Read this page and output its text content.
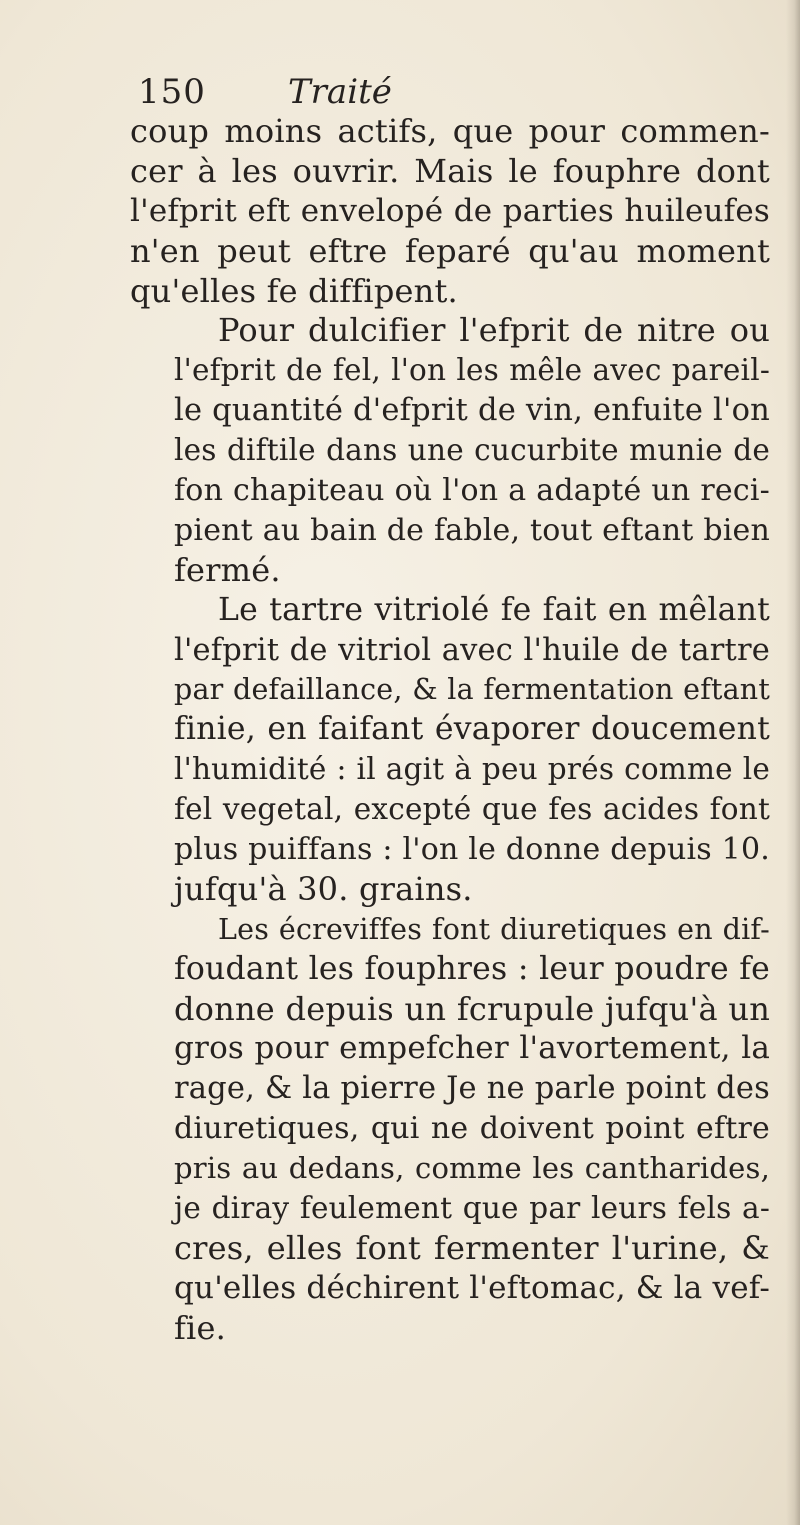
150 Traité

coup moins actifs, que pour commen-
cer à les ouvrir. Mais le fouphre dont
l'efprit eft envelopé de parties huileufes
n'en peut eftre feparé qu'au moment
qu'elles fe diffipent.

Pour dulcifier l'efprit de nitre ou
l'efprit de fel, l'on les mêle avec pareil-
le quantité d'efprit de vin, enfuite l'on
les diftile dans une cucurbite munie de
fon chapiteau où l'on a adapté un reci-
pient au bain de fable, tout eftant bien
fermé.

Le tartre vitriolé fe fait en mêlant
l'efprit de vitriol avec l'huile de tartre
par defaillance, & la fermentation eftant
finie, en faifant évaporer doucement
l'humidité : il agit à peu prés comme le
fel vegetal, excepté que fes acides font
plus puiffans : l'on le donne depuis 10.
jufqu'à 30. grains.

Les écreviffes font diuretiques en dif-
foudant les fouphres : leur poudre fe
donne depuis un fcrupule jufqu'à un
gros pour empefcher l'avortement, la
rage, & la pierre Je ne parle point des
diuretiques, qui ne doivent point eftre
pris au dedans, comme les cantharides,
je diray feulement que par leurs fels a-
cres, elles font fermenter l'urine, &
qu'elles déchirent l'eftomac, & la vef-
fie.
